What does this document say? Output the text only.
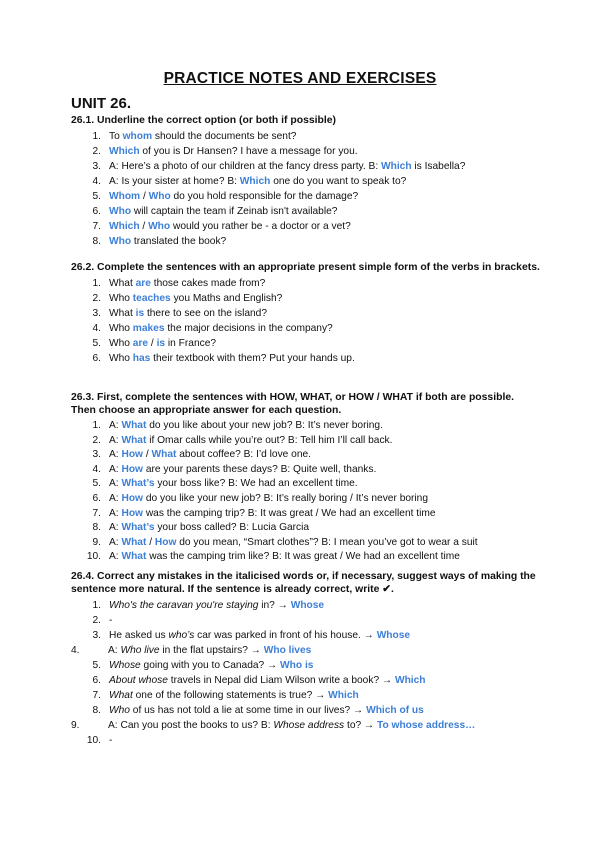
PRACTICE NOTES AND EXERCISES
UNIT 26.
26.1. Underline the correct option (or both if possible)
1. To whom should the documents be sent?
2. Which of you is Dr Hansen? I have a message for you.
3. A: Here’s a photo of our children at the fancy dress party. B: Which is Isabella?
4. A: Is your sister at home? B: Which one do you want to speak to?
5. Whom / Who do you hold responsible for the damage?
6. Who will captain the team if Zeinab isn't available?
7. Which / Who would you rather be - a doctor or a vet?
8. Who translated the book?
26.2. Complete the sentences with an appropriate present simple form of the verbs in brackets.
1. What are those cakes made from?
2. Who teaches you Maths and English?
3. What is there to see on the island?
4. Who makes the major decisions in the company?
5. Who are / is in France?
6. Who has their textbook with them? Put your hands up.
26.3. First, complete the sentences with HOW, WHAT, or HOW / WHAT if both are possible. Then choose an appropriate answer for each question.
1. A: What do you like about your new job? B: It’s never boring.
2. A: What if Omar calls while you’re out? B: Tell him I’ll call back.
3. A: How / What about coffee? B: I’d love one.
4. A: How are your parents these days? B: Quite well, thanks.
5. A: What’s your boss like? B: We had an excellent time.
6. A: How do you like your new job? B: It’s really boring / It’s never boring
7. A: How was the camping trip? B: It was great / We had an excellent time
8. A: What’s your boss called? B: Lucia Garcia
9. A: What / How do you mean, “Smart clothes”? B: I mean you’ve got to wear a suit
10. A: What was the camping trim like? B: It was great / We had an excellent time
26.4. Correct any mistakes in the italicised words or, if necessary, suggest ways of making the sentence more natural. If the sentence is already correct, write ✔.
1. Who's the caravan you're staying in? → Whose
2. -
3. He asked us who’s car was parked in front of his house. → Whose
4.	A: Who live in the flat upstairs? → Who lives
5. Whose going with you to Canada? → Who is
6. About whose travels in Nepal did Liam Wilson write a book? → Which
7. What one of the following statements is true? → Which
8. Who of us has not told a lie at some time in our lives? → Which of us
9.	A: Can you post the books to us? B: Whose address to? → To whose address…
10. -
